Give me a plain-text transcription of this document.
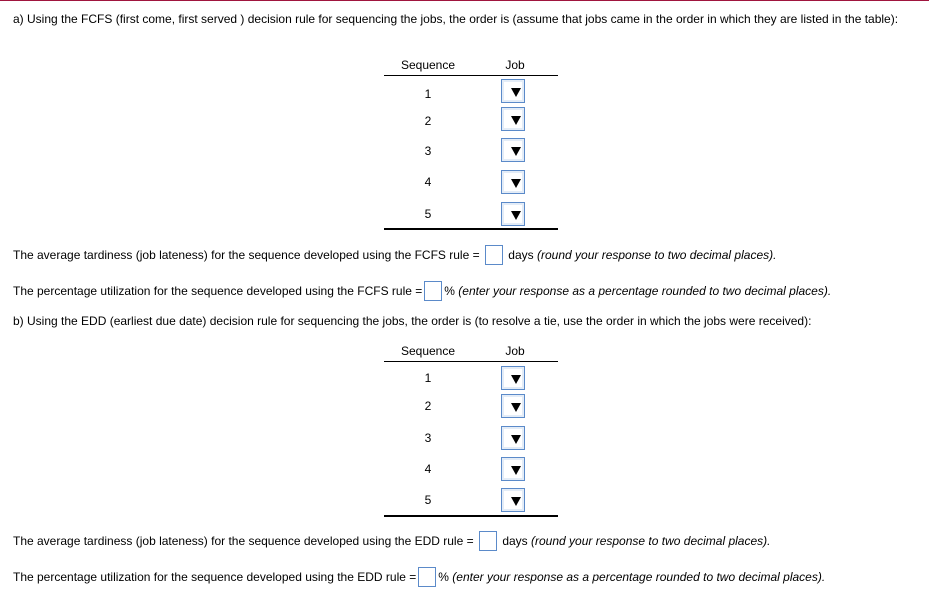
a) Using the FCFS (first come, first served ) decision rule for sequencing the jobs, the order is (assume that jobs came in the order in which they are listed in the table):
Sequence	Job
1
2
3
4
5
The average tardiness (job lateness) for the sequence developed using the FCFS rule = days (round your response to two decimal places).
The percentage utilization for the sequence developed using the FCFS rule = % (enter your response as a percentage rounded to two decimal places).
b) Using the EDD (earliest due date) decision rule for sequencing the jobs, the order is (to resolve a tie, use the order in which the jobs were received):
Sequence	Job
1
2
3
4
5
The average tardiness (job lateness) for the sequence developed using the EDD rule = days (round your response to two decimal places).
The percentage utilization for the sequence developed using the EDD rule = % (enter your response as a percentage rounded to two decimal places).
